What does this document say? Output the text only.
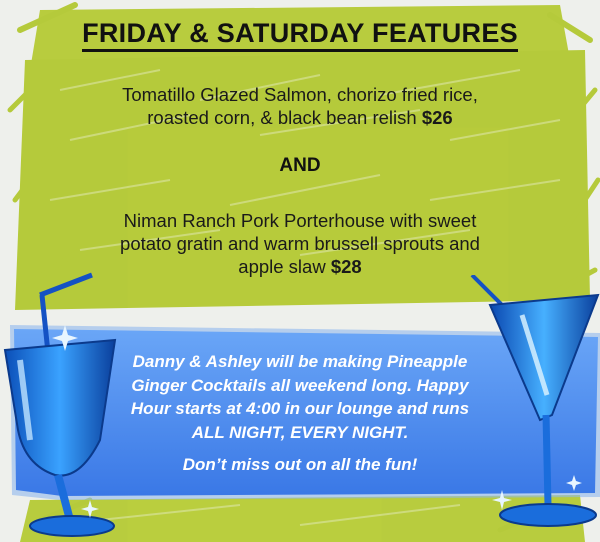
FRIDAY & SATURDAY FEATURES
Tomatillo Glazed Salmon, chorizo fried rice,
roasted corn, & black bean relish $26
AND
Niman Ranch Pork Porterhouse with sweet
potato gratin and warm brussell sprouts and
apple slaw $28
Danny & Ashley will be making Pineapple
Ginger Cocktails all weekend long. Happy
Hour starts at 4:00 in our lounge and runs
ALL NIGHT, EVERY NIGHT.
Don’t miss out on all the fun!
